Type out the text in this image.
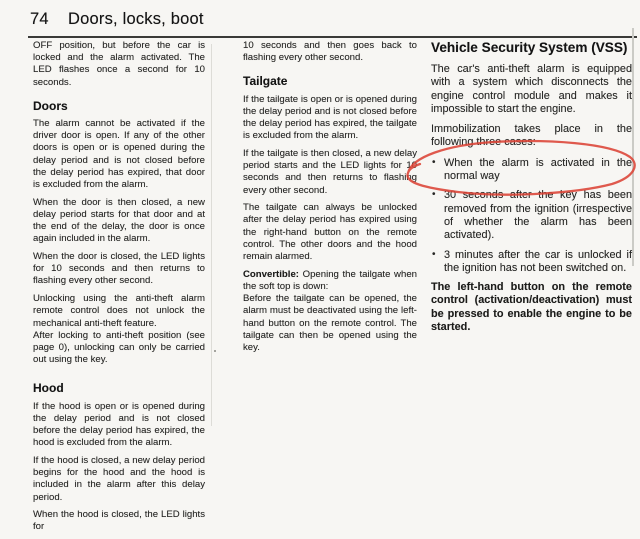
74 Doors, locks, boot

OFF position, but before the car is locked and the alarm activated. The LED flashes once a second for 10 seconds.

Doors

The alarm cannot be activated if the driver door is open. If any of the other doors is open or is opened during the delay period and is not closed before the delay period has expired, that door is excluded from the alarm.

When the door is then closed, a new delay period starts for that door and at the end of the delay, the door is once again included in the alarm.

When the door is closed, the LED lights for 10 seconds and then returns to flashing every other second.

Unlocking using the anti-theft alarm remote control does not unlock the mechanical anti-theft feature.

After locking to anti-theft position (see page 0), unlocking can only be carried out using the key.

Hood

If the hood is open or is opened during the delay period and is not closed before the delay period has expired, the hood is excluded from the alarm.

If the hood is closed, a new delay period begins for the hood and the hood is included in the alarm after this delay period.

When the hood is closed, the LED lights for

10 seconds and then goes back to flashing every other second.

Tailgate

If the tailgate is open or is opened during the delay period and is not closed before the delay period has expired, the tailgate is excluded from the alarm.

If the tailgate is then closed, a new delay period starts and the LED lights for 10 seconds and then returns to flashing every other second.

The tailgate can always be unlocked after the delay period has expired using the right-hand button on the remote control. The other doors and the hood remain alarmed.

Convertible: Opening the tailgate when the soft top is down:

Before the tailgate can be opened, the alarm must be deactivated using the left-hand button on the remote control. The tailgate can then be opened using the key.

Vehicle Security System (VSS)

The car's anti-theft alarm is equipped with a system which disconnects the engine control module and makes it impossible to start the engine.

Immobilization takes place in the following three cases:

• When the alarm is activated in the normal way
• 30 seconds after the key has been removed from the ignition (irrespective of whether the alarm has been activated).
• 3 minutes after the car is unlocked if the ignition has not been switched on.

The left-hand button on the remote control (activation/deactivation) must be pressed to enable the engine to be started.
